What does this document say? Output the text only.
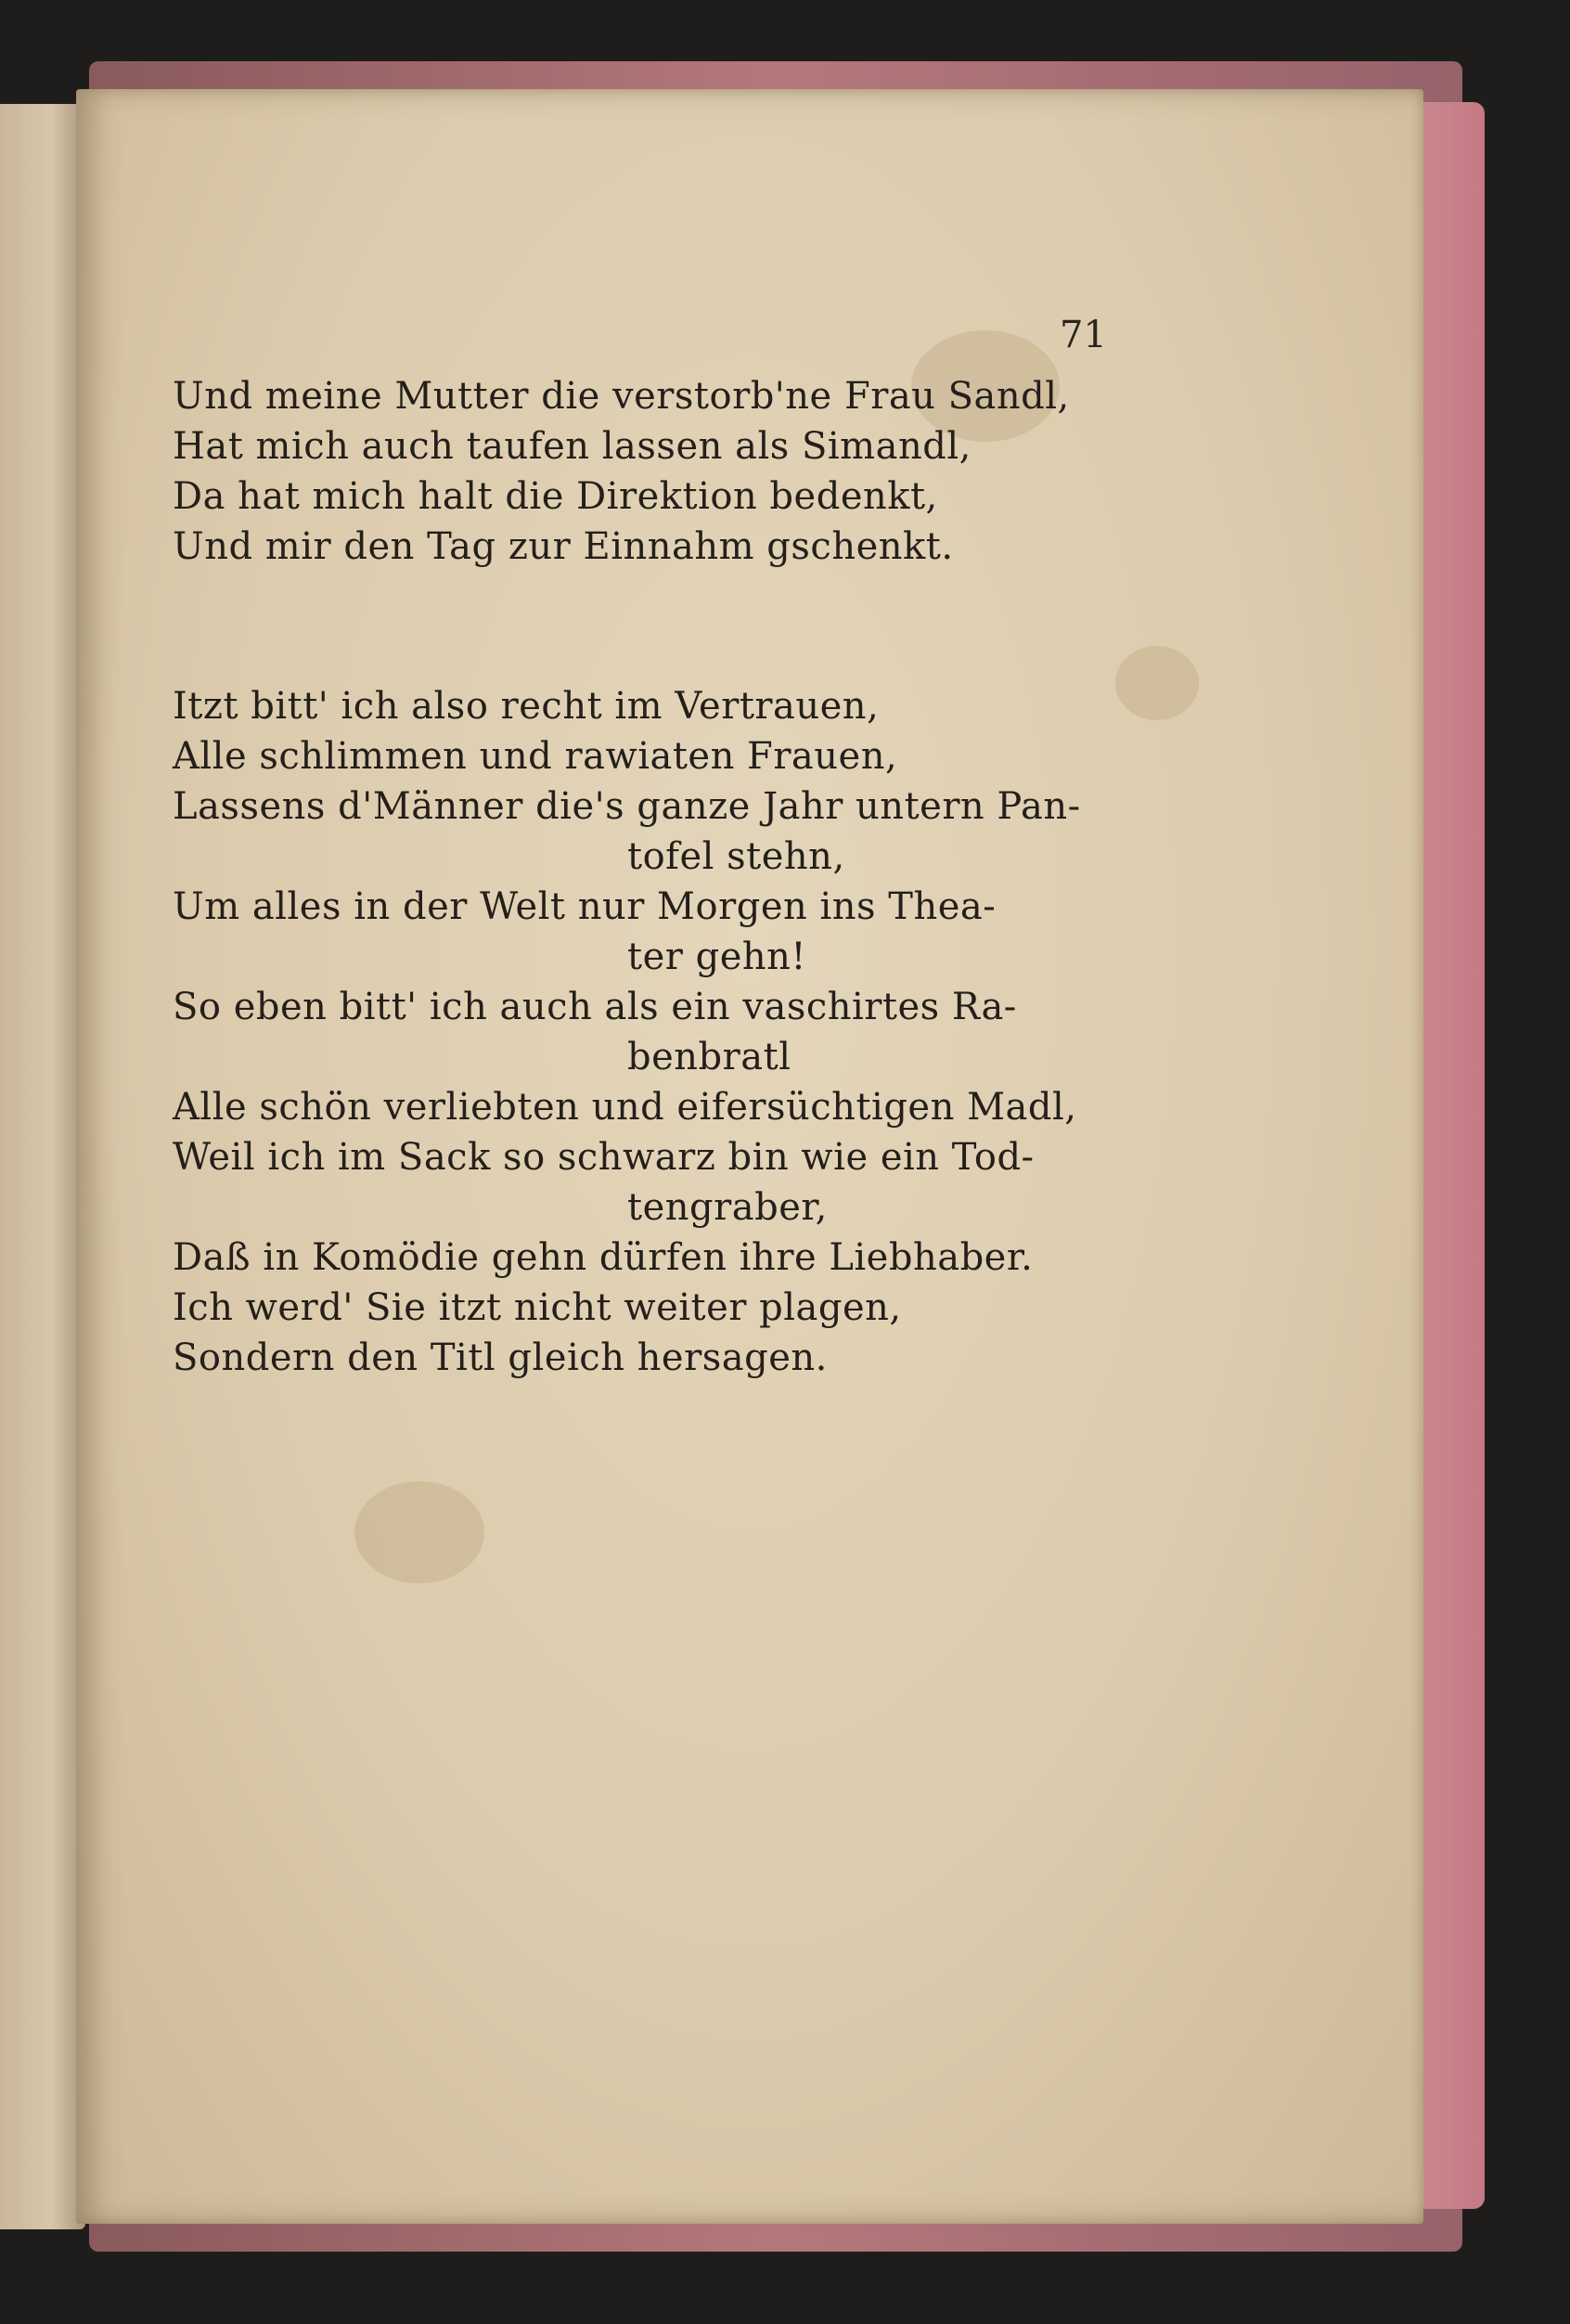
71
Und meine Mutter die verstorb'ne Frau Sandl,
Hat mich auch taufen lassen als Simandl,
Da hat mich halt die Direktion bedenkt,
Und mir den Tag zur Einnahm gschenkt.
Itzt bitt' ich also recht im Vertrauen,
Alle schlimmen und rawiaten Frauen,
Lassens d'Männer die's ganze Jahr untern Pan-
tofel stehn,
Um alles in der Welt nur Morgen ins Thea-
ter gehn!
So eben bitt' ich auch als ein vaschirtes Ra-
benbratl
Alle schön verliebten und eifersüchtigen Madl,
Weil ich im Sack so schwarz bin wie ein Tod-
tengraber,
Daß in Komödie gehn dürfen ihre Liebhaber.
Ich werd' Sie itzt nicht weiter plagen,
Sondern den Titl gleich hersagen.
